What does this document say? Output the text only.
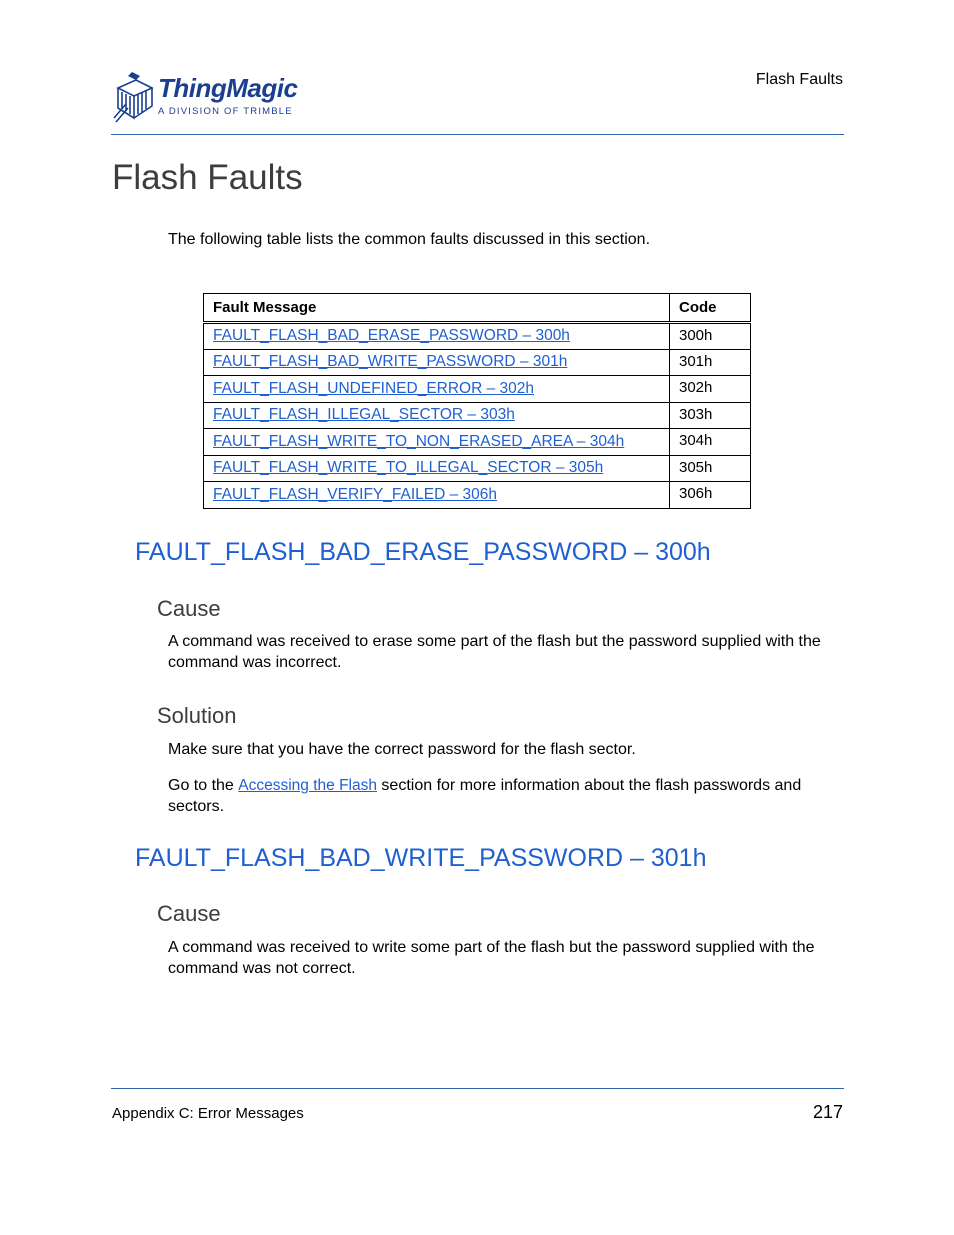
ThingMagic
A DIVISION OF TRIMBLE
Flash Faults
Flash Faults

The following table lists the common faults discussed in this section.

Fault Message	Code
FAULT_FLASH_BAD_ERASE_PASSWORD – 300h	300h
FAULT_FLASH_BAD_WRITE_PASSWORD – 301h	301h
FAULT_FLASH_UNDEFINED_ERROR – 302h	302h
FAULT_FLASH_ILLEGAL_SECTOR – 303h	303h
FAULT_FLASH_WRITE_TO_NON_ERASED_AREA – 304h	304h
FAULT_FLASH_WRITE_TO_ILLEGAL_SECTOR – 305h	305h
FAULT_FLASH_VERIFY_FAILED – 306h	306h
FAULT_FLASH_BAD_ERASE_PASSWORD – 300h
Cause

A command was received to erase some part of the flash but the password supplied with the command was incorrect.

Solution

Make sure that you have the correct password for the flash sector.

Go to the Accessing the Flash section for more information about the flash passwords and sectors.

FAULT_FLASH_BAD_WRITE_PASSWORD – 301h
Cause

A command was received to write some part of the flash but the password supplied with the command was not correct.

Appendix C: Error Messages	217
